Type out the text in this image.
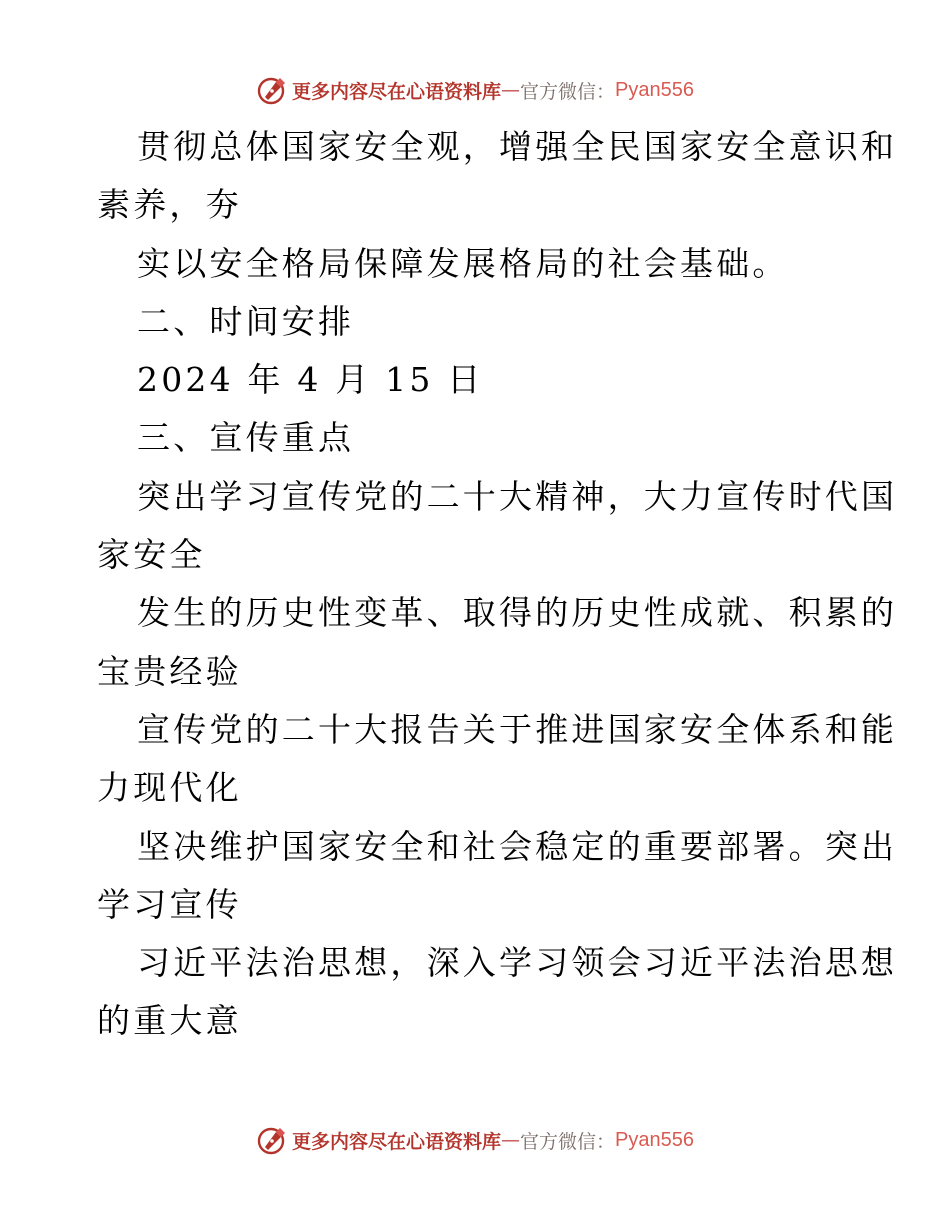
更多内容尽在心语资料库 — 官方微信： Pyan556
贯彻总体国家安全观，增强全民国家安全意识和
素养，夯
实以安全格局保障发展格局的社会基础。
二、时间安排
2024 年 4 月 15 日
三、宣传重点
突出学习宣传党的二十大精神，大力宣传时代国
家安全
发生的历史性变革、取得的历史性成就、积累的
宝贵经验
宣传党的二十大报告关于推进国家安全体系和能
力现代化
坚决维护国家安全和社会稳定的重要部署。突出
学习宣传
习近平法治思想，深入学习领会习近平法治思想
的重大意
更多内容尽在心语资料库 — 官方微信： Pyan556
